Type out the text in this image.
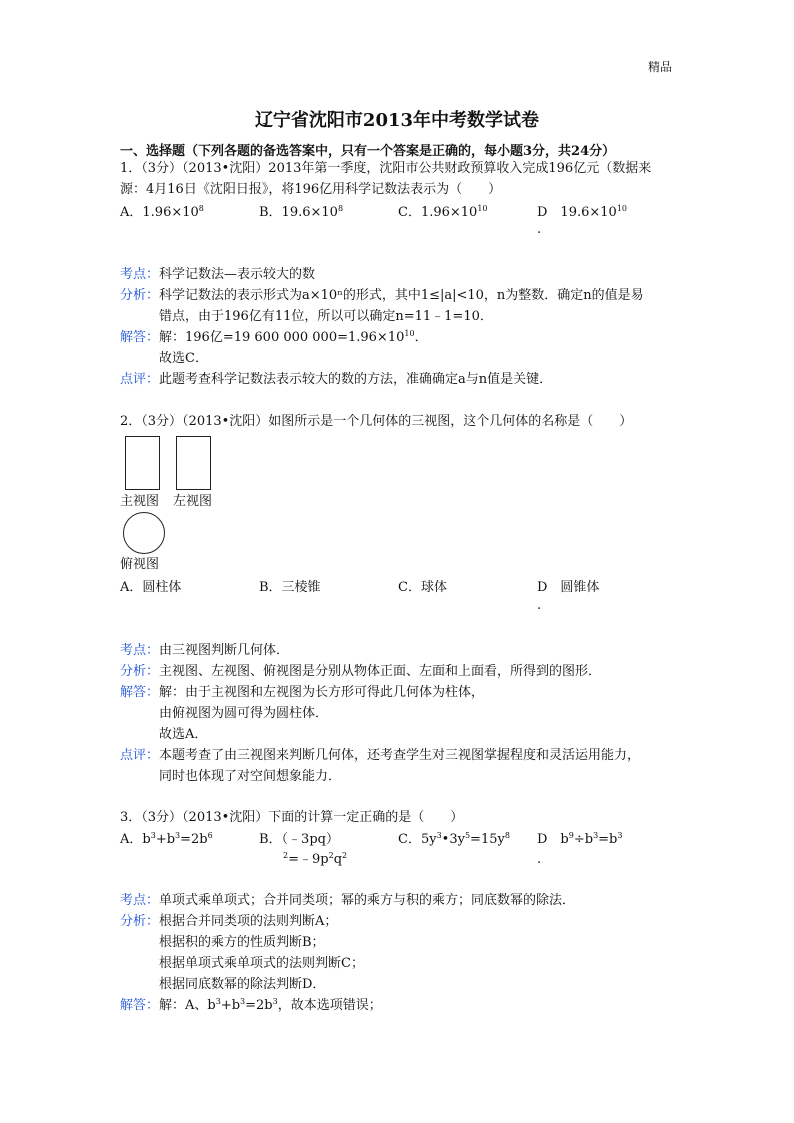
精品
辽宁省沈阳市2013年中考数学试卷
一、选择题（下列各题的备选答案中，只有一个答案是正确的，每小题3分，共24分）
1．（3分）（2013•沈阳）2013年第一季度，沈阳市公共财政预算收入完成196亿元（数据来
源：4月16日《沈阳日报》，将196亿用科学记数法表示为（　　）
A．$1.96\times 10^8$	B．$19.6\times 10^8$	C．$1.96\times 10^{10}$	D　$19.6\times 10^{10}$
.
考点：科学记数法—表示较大的数
分析：科学记数法的表示形式为a×10ⁿ的形式，其中1≤|a|<10，n为整数．确定n的值是易
错点，由于196亿有11位，所以可以确定n=11﹣1=10．
解答：解：196亿=19 600 000 $000=1.96\times 10^{10}$．
故选C．
点评：此题考查科学记数法表示较大的数的方法，准确确定a与n值是关键．
2．（3分）（2013•沈阳）如图所示是一个几何体的三视图，这个几何体的名称是（　　）
主视图 左视图
俯视图
A．圆柱体	B．三棱锥	C．球体	D　圆锥体
.
考点：由三视图判断几何体．
分析：主视图、左视图、俯视图是分别从物体正面、左面和上面看，所得到的图形．
解答：解：由于主视图和左视图为长方形可得此几何体为柱体，
由俯视图为圆可得为圆柱体．
故选A．
点评：本题考查了由三视图来判断几何体，还考查学生对三视图掌握程度和灵活运用能力，
同时也体现了对空间想象能力．
3．（3分）（2013•沈阳）下面的计算一定正确的是（　　）
A．$b^3+b^3=2b^6$	B．（﹣3pq）
$^2=﹣9p^2q^2$
C．$5y^3•3y^5=15y^8$ D　$b^9\div b^3=b^3$
.
考点：单项式乘单项式；合并同类项；幂的乘方与积的乘方；同底数幂的除法．
分析：根据合并同类项的法则判断A；
根据积的乘方的性质判断B；
根据单项式乘单项式的法则判断C；
根据同底数幂的除法判断D．
解答：解：A、$b^3+b^3=2b^3$，故本选项错误；
